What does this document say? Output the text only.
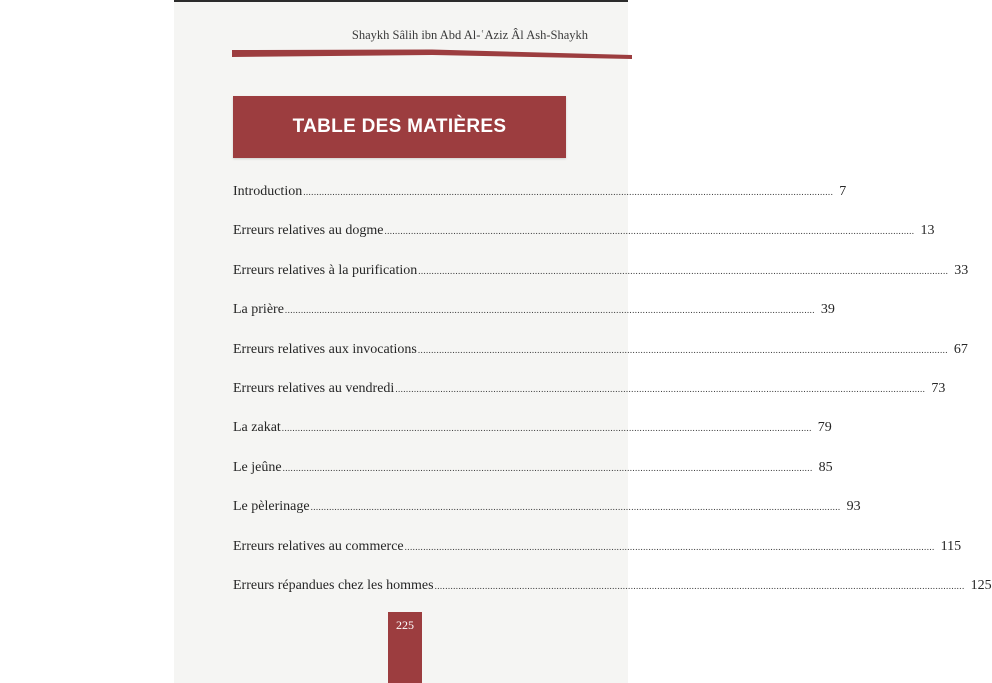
Shaykh Sâlih ibn Abd Al-ʿAziz Âl Ash-Shaykh
TABLE DES MATIÈRES
Introduction ........................................................................................................................................................................................................ 7
Erreurs relatives au dogme ........................................................................................................................................................................................................ 13
Erreurs relatives à la purification ........................................................................................................................................................................................................ 33
La prière ........................................................................................................................................................................................................ 39
Erreurs relatives aux invocations ........................................................................................................................................................................................................ 67
Erreurs relatives au vendredi ........................................................................................................................................................................................................ 73
La zakat ........................................................................................................................................................................................................ 79
Le jeûne ........................................................................................................................................................................................................ 85
Le pèlerinage ........................................................................................................................................................................................................ 93
Erreurs relatives au commerce ........................................................................................................................................................................................................ 115
Erreurs répandues chez les hommes ........................................................................................................................................................................................................ 125
225
